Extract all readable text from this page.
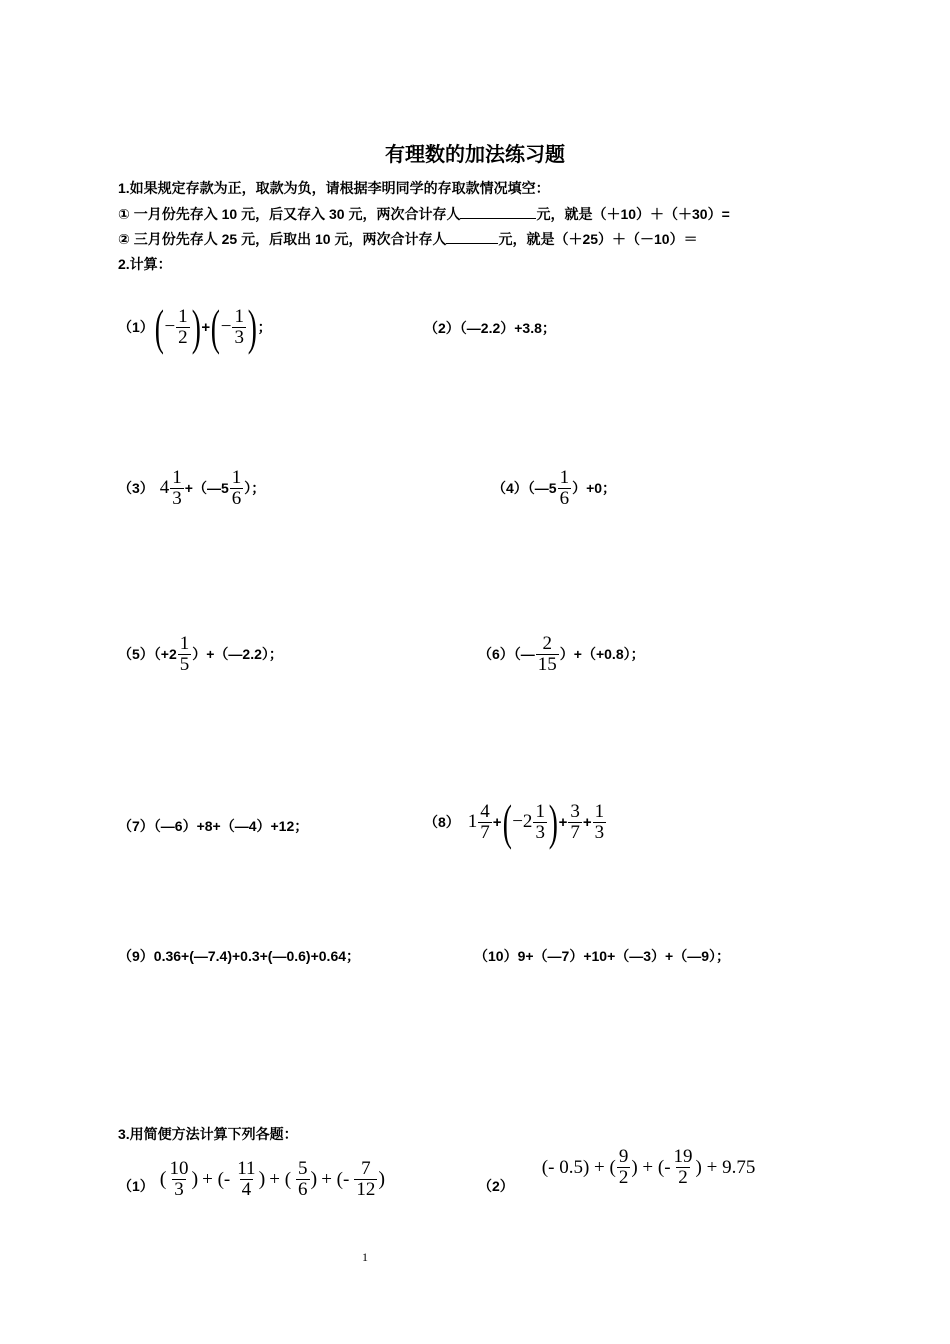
有理数的加法练习题
1.如果规定存款为正，取款为负，请根据李明同学的存取款情况填空：
① 一月份先存入 10 元，后又存入 30 元，两次合计存人	元，就是（＋10）＋（＋30）=
② 三月份先存人 25 元，后取出 10 元，两次合计存人	元，就是（＋25）＋（－10）＝
2.计算：
（1） ( − $\frac{1}{2}$ ) + ( − $\frac{1}{3}$ ) ；	（2）（—2.2）+3.8；
（3） $4 \frac{1}{3}$ +（—5 $\frac{1}{6}$ ）；	（4）（—5 $\frac{1}{6} )+0$；
$(5)(+2 \frac{1}{5}$ ）+（—2.2）；	（6）（— $\frac{2}{15} )+(+0.8)$；
（7）（—6）+8+（—4）+12；	（8） $1 \frac{4}{7}$ + ( $-2 \frac{1}{3}$ ) + $\frac{3}{7} + \frac{1}{3}$
（9）0.36+(—7.4)+0.3+(—0.6)+0.64；	（10）9+（—7）+10+（—3）+（—9）；
3.用简便方法计算下列各题：
（1） ( $\frac{10}{3}$ ) + (- $\frac{11}{4}$ ) + ( $\frac{5}{6}$ ) + (- $\frac{7}{12}$ )	（2）
(- 0.5) + ( $\frac{9}{2}$ ) + (- $\frac{19}{2}$ ) + 9.75
1
